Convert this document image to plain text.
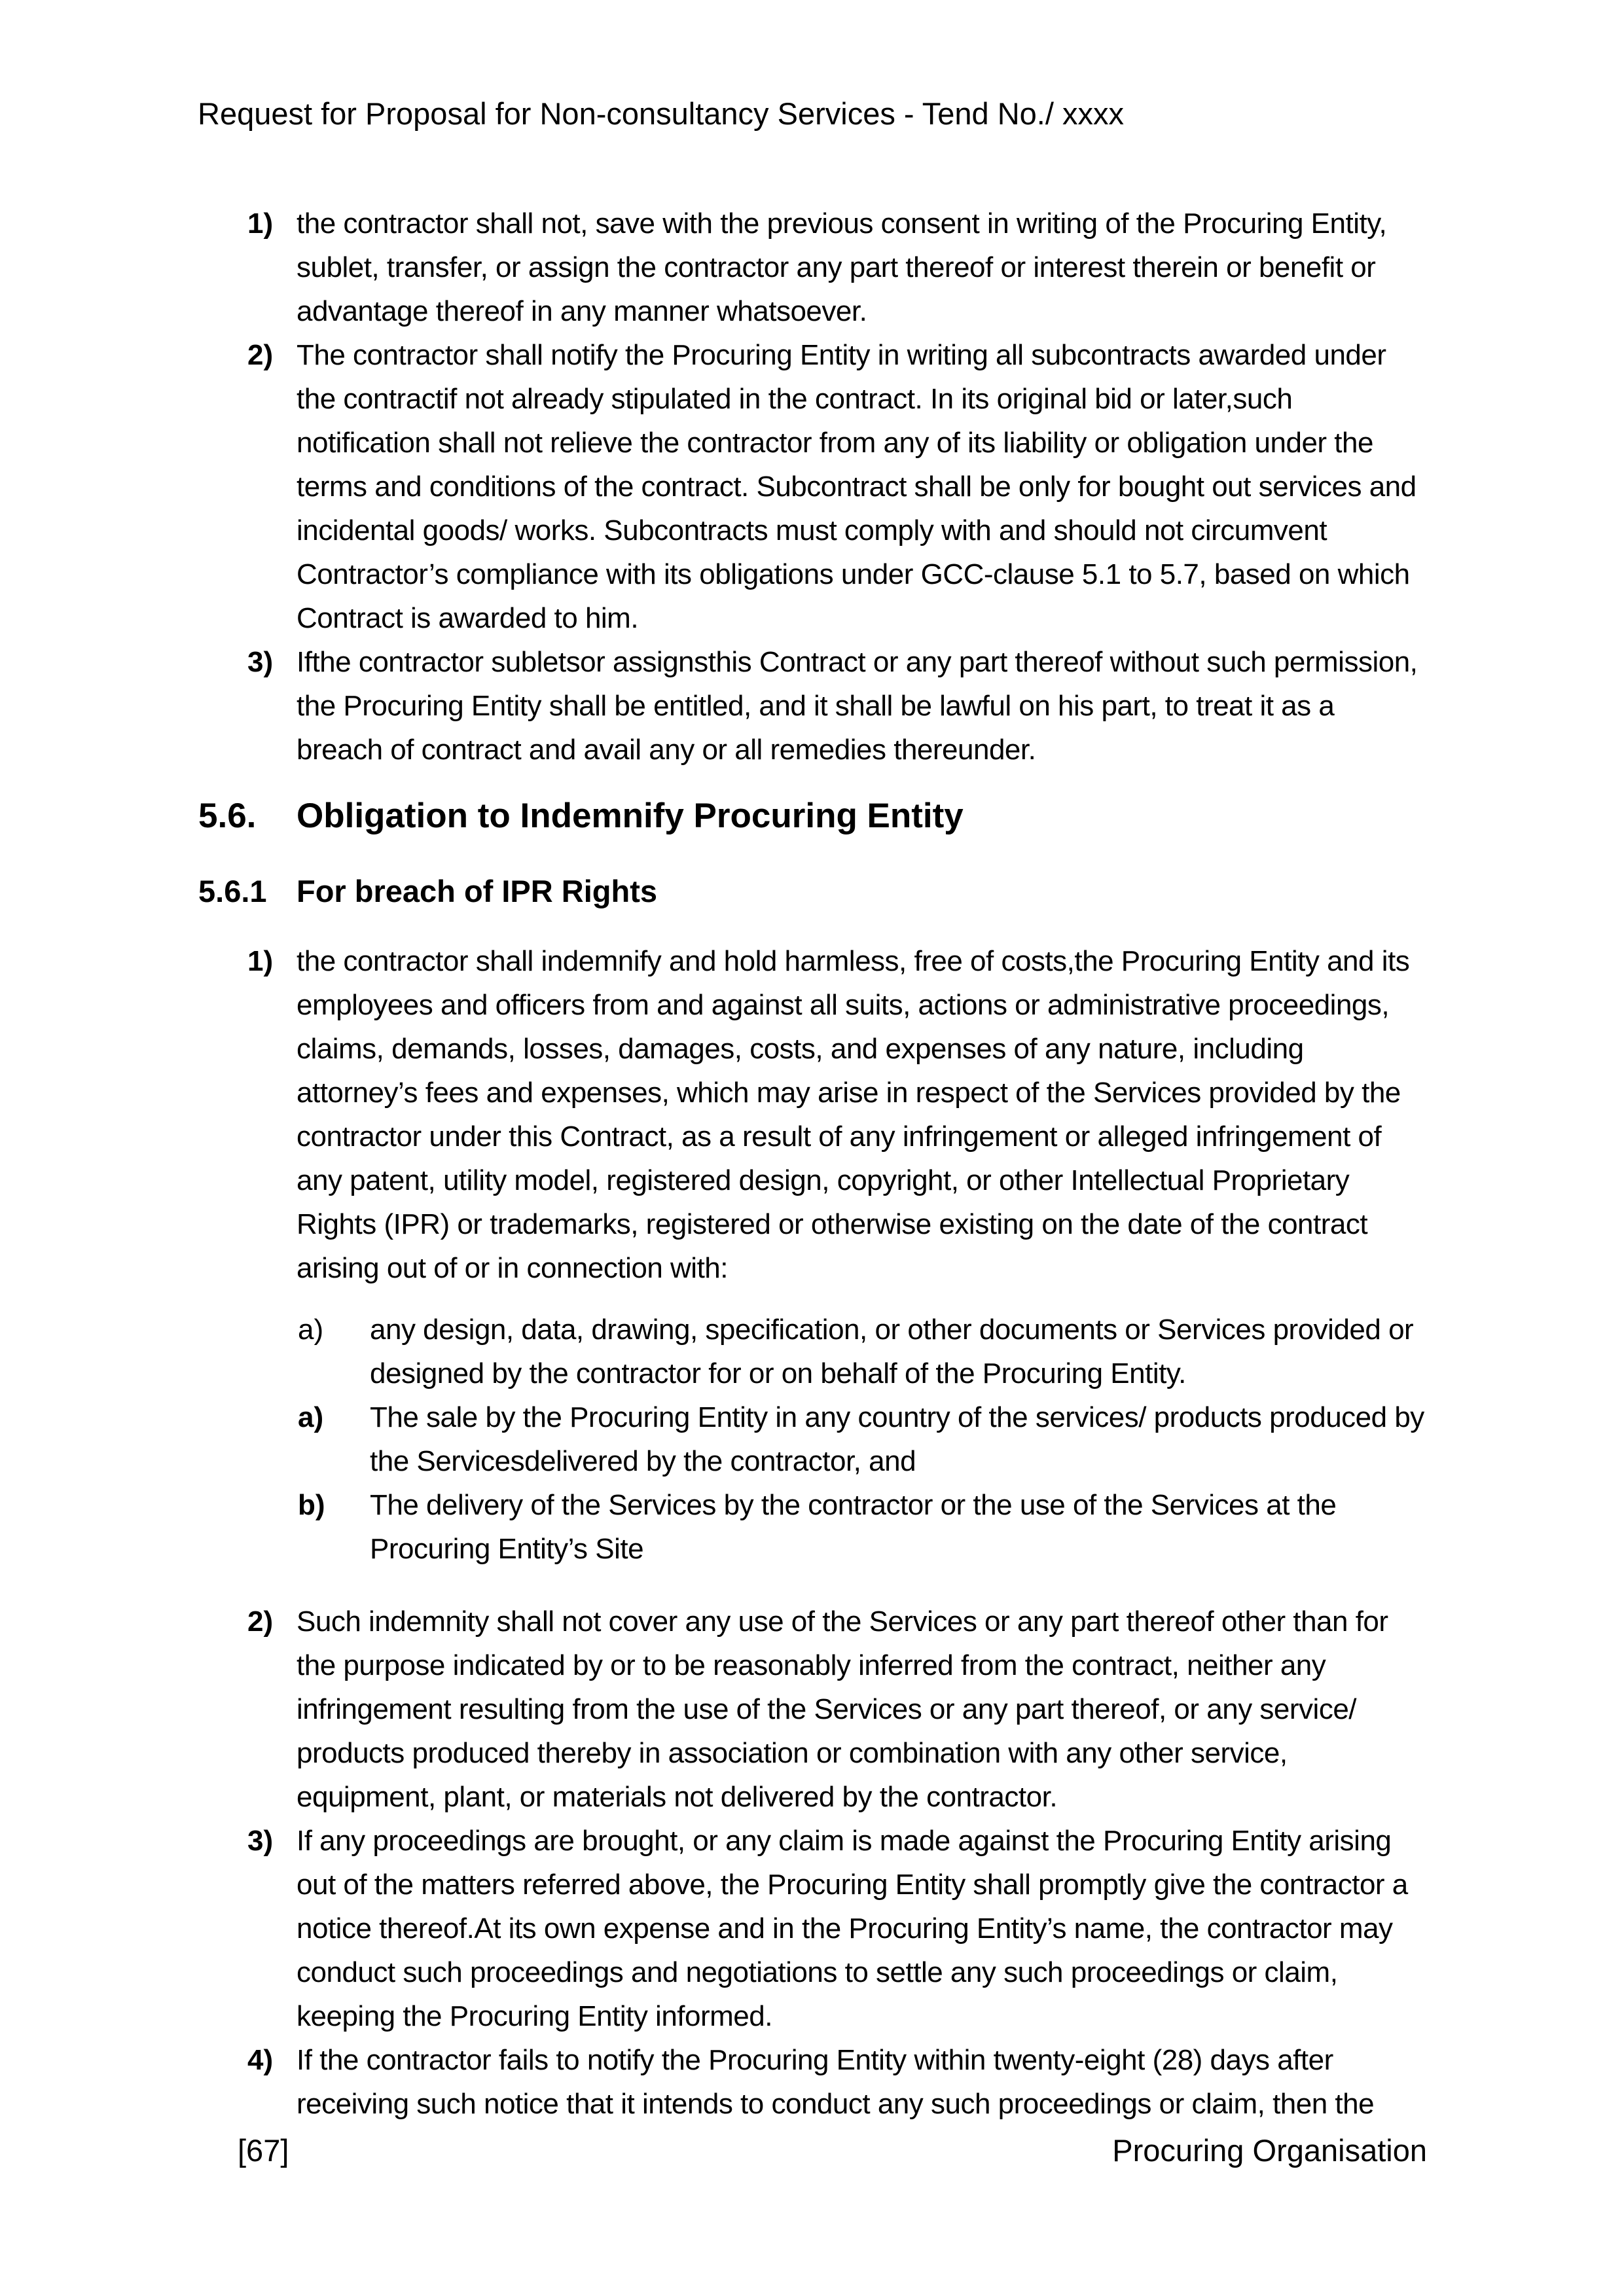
Request for Proposal for Non-consultancy Services - Tend No./ xxxx
1) the contractor shall not, save with the previous consent in writing of the Procuring Entity, sublet, transfer, or assign the contractor any part thereof or interest therein or benefit or advantage thereof in any manner whatsoever.
2) The contractor shall notify the Procuring Entity in writing all subcontracts awarded under the contractif not already stipulated in the contract. In its original bid or later,such notification shall not relieve the contractor from any of its liability or obligation under the terms and conditions of the contract. Subcontract shall be only for bought out services and incidental goods/ works. Subcontracts must comply with and should not circumvent Contractor’s compliance with its obligations under GCC-clause 5.1 to 5.7, based on which Contract is awarded to him.
3) Ifthe contractor subletsor assignsthis Contract or any part thereof without such permission, the Procuring Entity shall be entitled, and it shall be lawful on his part, to treat it as a breach of contract and avail any or all remedies thereunder.
5.6. Obligation to Indemnify Procuring Entity
5.6.1 For breach of IPR Rights
1) the contractor shall indemnify and hold harmless, free of costs,the Procuring Entity and its employees and officers from and against all suits, actions or administrative proceedings, claims, demands, losses, damages, costs, and expenses of any nature, including attorney’s fees and expenses, which may arise in respect of the Services provided by the contractor under this Contract, as a result of any infringement or alleged infringement of any patent, utility model, registered design, copyright, or other Intellectual Proprietary Rights (IPR) or trademarks, registered or otherwise existing on the date of the contract arising out of or in connection with:
a) any design, data, drawing, specification, or other documents or Services provided or designed by the contractor for or on behalf of the Procuring Entity.
a) The sale by the Procuring Entity in any country of the services/ products produced by the Servicesdelivered by the contractor, and
b) The delivery of the Services by the contractor or the use of the Services at the Procuring Entity’s Site
2) Such indemnity shall not cover any use of the Services or any part thereof other than for the purpose indicated by or to be reasonably inferred from the contract, neither any infringement resulting from the use of the Services or any part thereof, or any service/ products produced thereby in association or combination with any other service, equipment, plant, or materials not delivered by the contractor.
3) If any proceedings are brought, or any claim is made against the Procuring Entity arising out of the matters referred above, the Procuring Entity shall promptly give the contractor a notice thereof.At its own expense and in the Procuring Entity’s name, the contractor may conduct such proceedings and negotiations to settle any such proceedings or claim, keeping the Procuring Entity informed.
4) If the contractor fails to notify the Procuring Entity within twenty-eight (28) days after receiving such notice that it intends to conduct any such proceedings or claim, then the
[67]	Procuring Organisation
